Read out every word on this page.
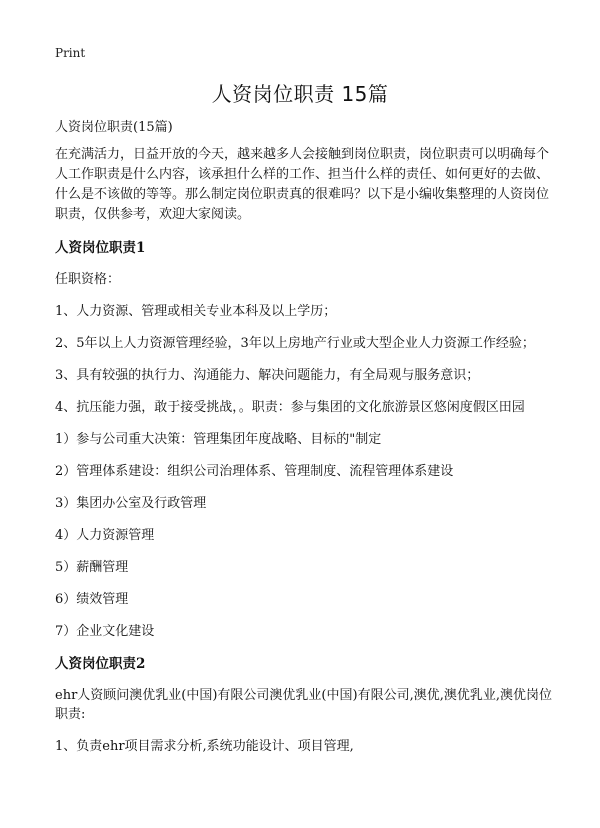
Print
人资岗位职责 15篇

人资岗位职责(15篇)

在充满活力，日益开放的今天，越来越多人会接触到岗位职责，岗位职责可以明确每个人工作职责是什么内容，该承担什么样的工作、担当什么样的责任、如何更好的去做、什么是不该做的等等。那么制定岗位职责真的很难吗？以下是小编收集整理的人资岗位职责，仅供参考，欢迎大家阅读。

人资岗位职责1

任职资格：

1、人力资源、管理或相关专业本科及以上学历；

2、5年以上人力资源管理经验，3年以上房地产行业或大型企业人力资源工作经验；

3、具有较强的执行力、沟通能力、解决问题能力，有全局观与服务意识；

4、抗压能力强，敢于接受挑战，。职责：参与集团的文化旅游景区悠闲度假区田园

1）参与公司重大决策：管理集团年度战略、目标的"制定

2）管理体系建设：组织公司治理体系、管理制度、流程管理体系建设

3）集团办公室及行政管理

4）人力资源管理

5）薪酬管理

6）绩效管理

7）企业文化建设

人资岗位职责2

ehr人资顾问澳优乳业(中国)有限公司澳优乳业(中国)有限公司,澳优,澳优乳业,澳优岗位职责:

1、负责ehr项目需求分析,系统功能设计、项目管理,
